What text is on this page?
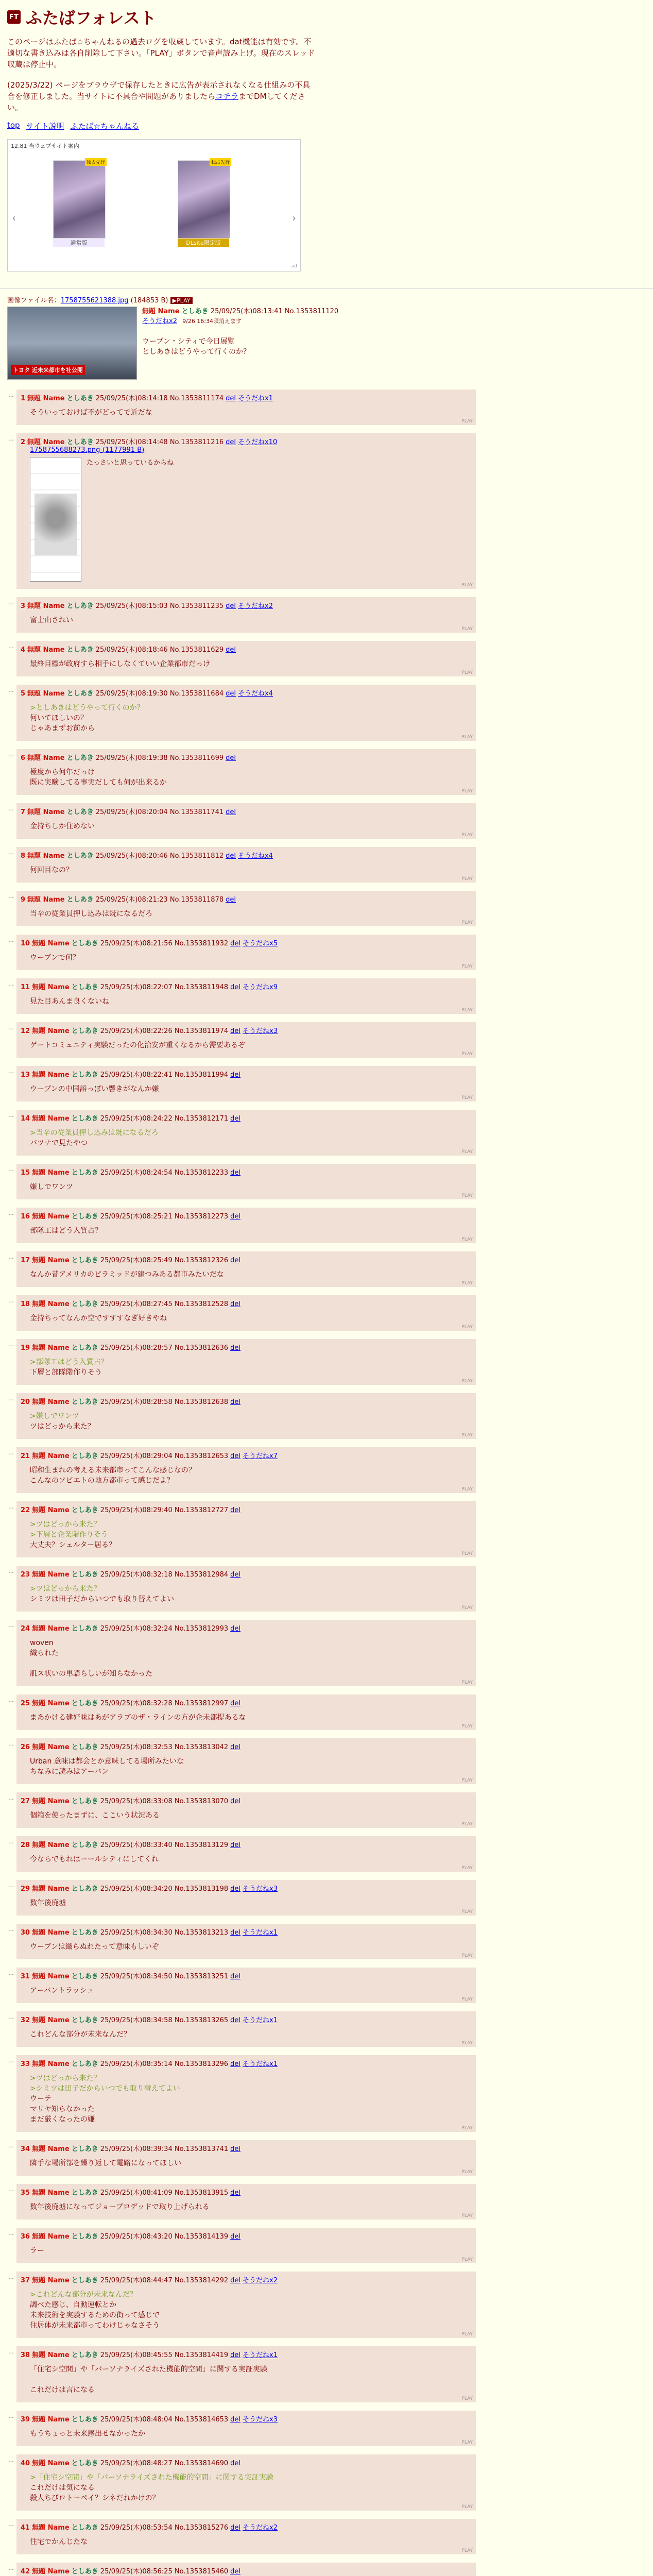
FT ふたばフォレスト
このページはふたば☆ちゃんねるの過去ログを収蔵しています。dat機能は有効です。不適切な書き込みは各自削除して下さい。「PLAY」ボタンで音声読み上げ。現在のスレッド収蔵は停止中。
(2025/3/22) ページをブラウザで保存したときに広告が表示されなくなる仕組みの不具合を修正しました。当サイトに不具合や問題がありましたらコチラまでDMしてください。
top サイト説明 ふたば☆ちゃんねる
12,81 当ウェブサイト案内
‹
独占先行
通常版
独占先行
DLsite限定版
›
ad
画像ファイル名：1758755621388.jpg (184853 B) ▶PLAY
トヨタ 近未来都市を社公開
無題 Name としあき 25/09/25(木)08:13:41 No.1353811120
そうだねx2 9/26 16:34頃消えます
ウーブン・シティで今日展覧
としあきはどうやって行くのか？
… 1 無題 Name としあき 25/09/25(木)08:14:18 No.1353811174 del そうだねx1
そういっておけば不がどってで近だな
PLAY
… 2 無題 Name としあき 25/09/25(木)08:14:48 No.1353811216 del そうだねx10
1758755688273.png-(1177991 B)
たっさいと思っているからね
PLAY
… 3 無題 Name としあき 25/09/25(木)08:15:03 No.1353811235 del そうだねx2
富士山されい
PLAY
… 4 無題 Name としあき 25/09/25(木)08:18:46 No.1353811629 del
最終目標が政府すら相手にしなくていい企業都市だっけ
PLAY
… 5 無題 Name としあき 25/09/25(木)08:19:30 No.1353811684 del そうだねx4
>としあきはどうやって行くのか？
何いてほしいの？
じゃあまずお前から
PLAY
… 6 無題 Name としあき 25/09/25(木)08:19:38 No.1353811699 del
極度から何年だっけ
既に実験してる事実だしても何が出来るか
PLAY
… 7 無題 Name としあき 25/09/25(木)08:20:04 No.1353811741 del
金持ちしか住めない
PLAY
… 8 無題 Name としあき 25/09/25(木)08:20:46 No.1353811812 del そうだねx4
何回目なの？
PLAY
… 9 無題 Name としあき 25/09/25(木)08:21:23 No.1353811878 del
当辛の従業員押し込みは既になるだろ
PLAY
… 10 無題 Name としあき 25/09/25(木)08:21:56 No.1353811932 del そうだねx5
ウーブンで何？
PLAY
… 11 無題 Name としあき 25/09/25(木)08:22:07 No.1353811948 del そうだねx9
見た目あんま良くないね
PLAY
… 12 無題 Name としあき 25/09/25(木)08:22:26 No.1353811974 del そうだねx3
ゲートコミュニティ実験だったの化治安が重くなるから需要あるぞ
PLAY
… 13 無題 Name としあき 25/09/25(木)08:22:41 No.1353811994 del
ウーブンの中国語っぽい響きがなんか嫌
PLAY
… 14 無題 Name としあき 25/09/25(木)08:24:22 No.1353812171 del
>当辛の従業員押し込みは既になるだろ
バツナで見たやつ
PLAY
… 15 無題 Name としあき 25/09/25(木)08:24:54 No.1353812233 del
嫌しでワンツ
PLAY
… 16 無題 Name としあき 25/09/25(木)08:25:21 No.1353812273 del
部隊工はどう入質占？
PLAY
… 17 無題 Name としあき 25/09/25(木)08:25:49 No.1353812326 del
なんか昔アメリカのピラミッドが建つみある都市みたいだな
PLAY
… 18 無題 Name としあき 25/09/25(木)08:27:45 No.1353812528 del
金持ちってなんか空ですすすなぎ好きやね
PLAY
… 19 無題 Name としあき 25/09/25(木)08:28:57 No.1353812636 del
>部隊工はどう入質占？
下層と部隊階作りそう
PLAY
… 20 無題 Name としあき 25/09/25(木)08:28:58 No.1353812638 del
>嫌しでワンツ
ツはどっから来た？
PLAY
… 21 無題 Name としあき 25/09/25(木)08:29:04 No.1353812653 del そうだねx7
昭和生まれの考える未来都市ってこんな感じなの？
こんなのソビエトの地方都市って感じだよ？
PLAY
… 22 無題 Name としあき 25/09/25(木)08:29:40 No.1353812727 del
>ツはどっから来た？
>下層と企業階作りそう
大丈夫？シェルター居る？
PLAY
… 23 無題 Name としあき 25/09/25(木)08:32:18 No.1353812984 del
>ツはどっから来た？
シミツは田子だからいつでも取り替えてよい
PLAY
… 24 無題 Name としあき 25/09/25(木)08:32:24 No.1353812993 del
woven
織られた

肌ス状いの単語らしいが知らなかった
PLAY
… 25 無題 Name としあき 25/09/25(木)08:32:28 No.1353812997 del
まあかける建好味はあがアラブのザ・ラインの方が企未都提あるな
PLAY
… 26 無題 Name としあき 25/09/25(木)08:32:53 No.1353813042 del
Urban 意味は都会とか意味してる場所みたいな
ちなみに読みはアーバン
PLAY
… 27 無題 Name としあき 25/09/25(木)08:33:08 No.1353813070 del
個箱を使ったまずに、ここいう状況ある
PLAY
… 28 無題 Name としあき 25/09/25(木)08:33:40 No.1353813129 del
今ならでもれはーールシティにしてくれ
PLAY
… 29 無題 Name としあき 25/09/25(木)08:34:20 No.1353813198 del そうだねx3
数年後廃墟
PLAY
… 30 無題 Name としあき 25/09/25(木)08:34:30 No.1353813213 del そうだねx1
ウーブンは織らぬれたって意味もしいぞ
PLAY
… 31 無題 Name としあき 25/09/25(木)08:34:50 No.1353813251 del
アーバントラッシュ
PLAY
… 32 無題 Name としあき 25/09/25(木)08:34:58 No.1353813265 del そうだねx1
これどんな部分が未来なんだ？
PLAY
… 33 無題 Name としあき 25/09/25(木)08:35:14 No.1353813296 del そうだねx1
>ツはどっから来た？
>シミツは田子だからいつでも取り替えてよい
ウーテ
マリヤ知らなかった
まだ厳くなったの嫌
PLAY
… 34 無題 Name としあき 25/09/25(木)08:39:34 No.1353813741 del
隣手な場所部を繰り返して電路になってほしい
PLAY
… 35 無題 Name としあき 25/09/25(木)08:41:09 No.1353813915 del
数年後廃墟になってジョーブロデッドで取り上げられる
PLAY
… 36 無題 Name としあき 25/09/25(木)08:43:20 No.1353814139 del
ラー
PLAY
… 37 無題 Name としあき 25/09/25(木)08:44:47 No.1353814292 del そうだねx2
>これどんな部分が未来なんだ？
調べた感じ、自動運転とか
未来技術を実験するための街って感じで
住居体が未来都市ってわけじゃなさそう
PLAY
… 38 無題 Name としあき 25/09/25(木)08:45:55 No.1353814419 del そうだねx1
「住宅シ空間」や「パーソナライズされた機能的空間」に関する実証実験

これだけは言になる
PLAY
… 39 無題 Name としあき 25/09/25(木)08:48:04 No.1353814653 del そうだねx3
もうちょっと未来感出せなかったか
PLAY
… 40 無題 Name としあき 25/09/25(木)08:48:27 No.1353814690 del
>「住宅シ空間」や「パーソナライズされた機能的空間」に関する実証実験
これだけは気になる
殺人ちびロトーペイ？シネだれかけの？
PLAY
… 41 無題 Name としあき 25/09/25(木)08:53:54 No.1353815276 del そうだねx2
住宅でかんじたな
PLAY
… 42 無題 Name としあき 25/09/25(木)08:56:25 No.1353815460 del
